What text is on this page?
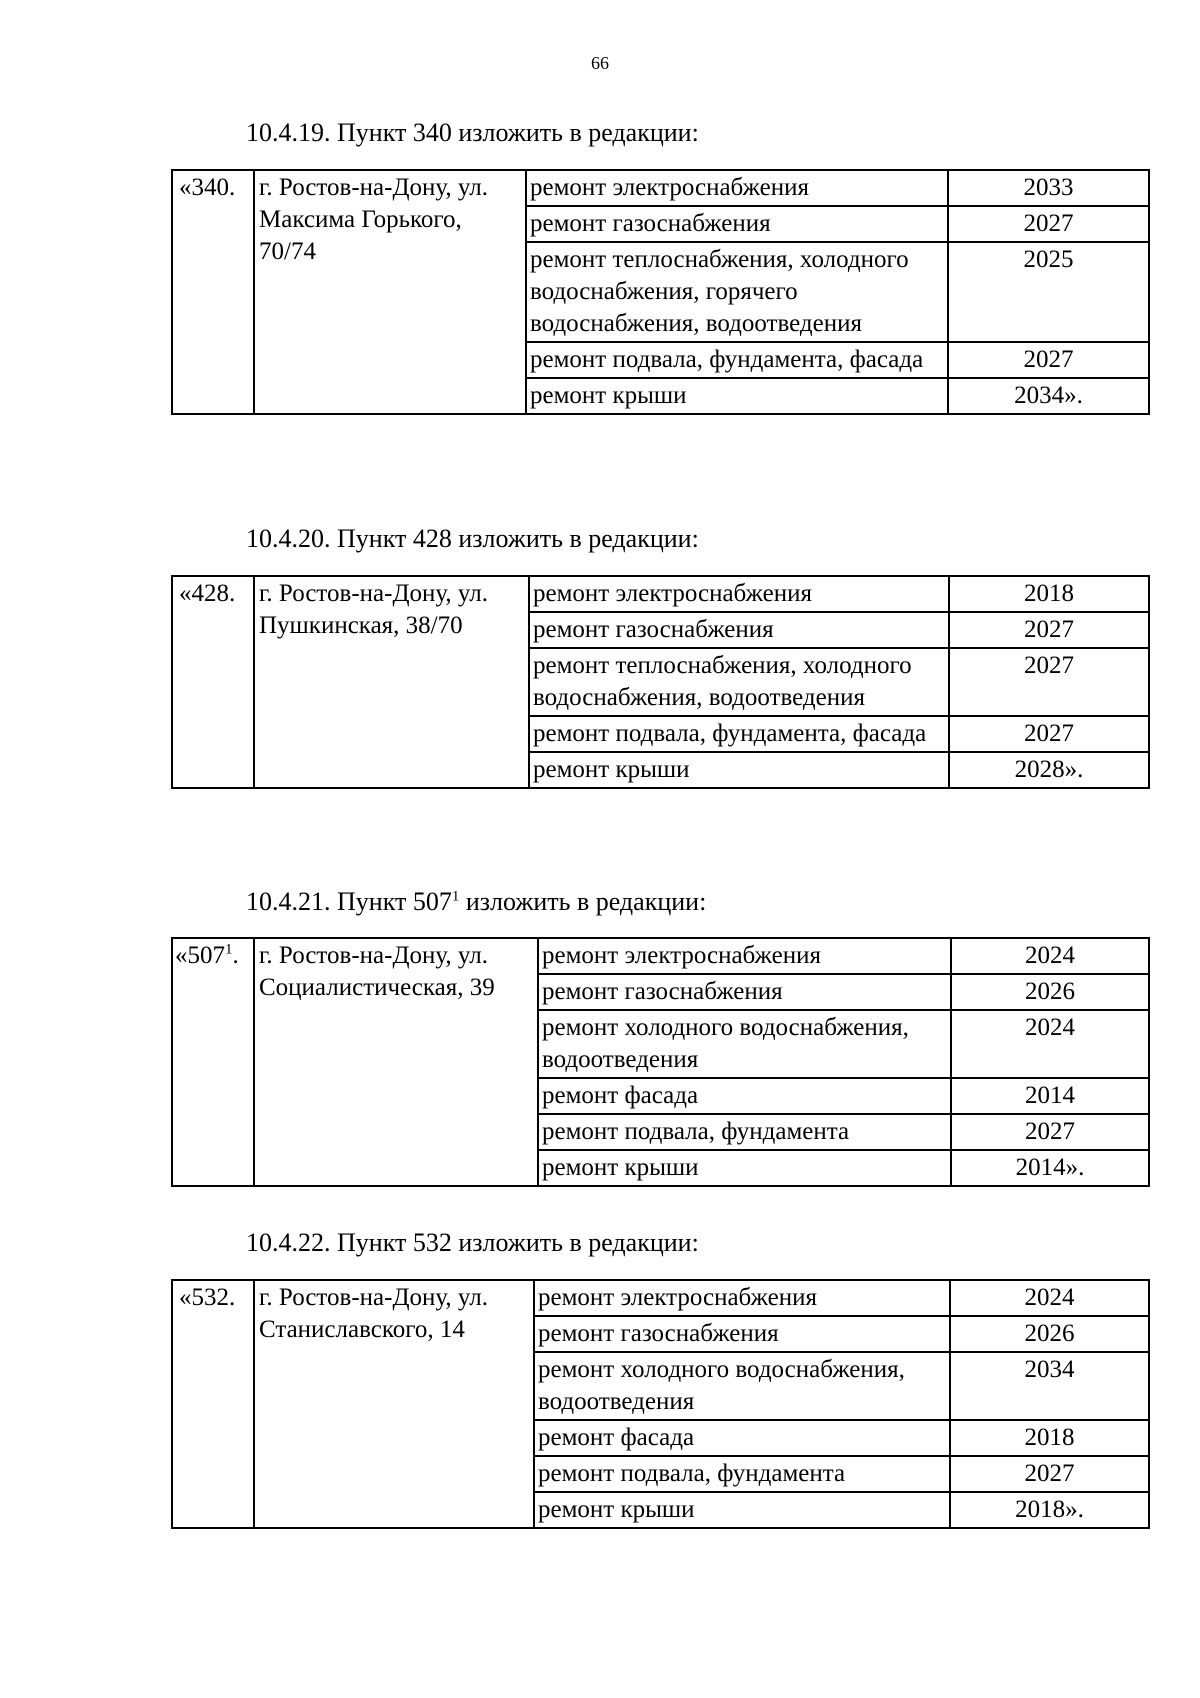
66
10.4.19. Пункт 340 изложить в редакции:
«340.	г. Ростов-на-Дону, ул. Максима Горького, 70/74	ремонт электроснабжения	2033
		ремонт газоснабжения	2027
		ремонт теплоснабжения, холодного водоснабжения, горячего водоснабжения, водоотведения	2025
		ремонт подвала, фундамента, фасада	2027
		ремонт крыши	2034».
10.4.20. Пункт 428 изложить в редакции:
«428.	г. Ростов-на-Дону, ул. Пушкинская, 38/70	ремонт электроснабжения	2018
		ремонт газоснабжения	2027
		ремонт теплоснабжения, холодного водоснабжения, водоотведения	2027
		ремонт подвала, фундамента, фасада	2027
		ремонт крыши	2028».
10.4.21. Пункт $507^1$ изложить в редакции:
«$507^1$.	г. Ростов-на-Дону, ул. Социалистическая, 39	ремонт электроснабжения	2024
		ремонт газоснабжения	2026
		ремонт холодного водоснабжения, водоотведения	2024
		ремонт фасада	2014
		ремонт подвала, фундамента	2027
		ремонт крыши	2014».
10.4.22. Пункт 532 изложить в редакции:
«532.	г. Ростов-на-Дону, ул. Станиславского, 14	ремонт электроснабжения	2024
		ремонт газоснабжения	2026
		ремонт холодного водоснабжения, водоотведения	2034
		ремонт фасада	2018
		ремонт подвала, фундамента	2027
		ремонт крыши	2018».
